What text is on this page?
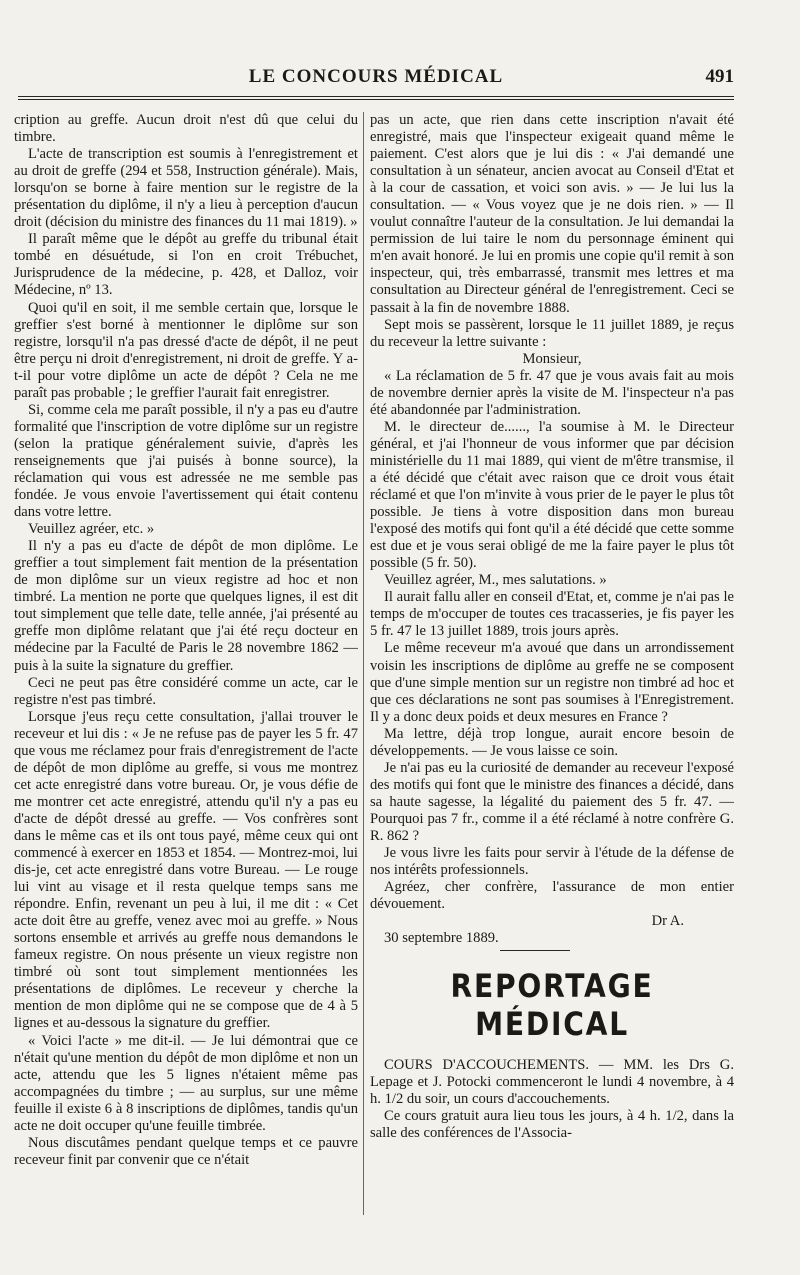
LE CONCOURS MÉDICAL	491

cription au greffe. Aucun droit n'est dû que celui du timbre.

L'acte de transcription est soumis à l'enregistrement et au droit de greffe (294 et 558, Instruction générale). Mais, lorsqu'on se borne à faire mention sur le registre de la présentation du diplôme, il n'y a lieu à perception d'aucun droit (décision du ministre des finances du 11 mai 1819). »

Il paraît même que le dépôt au greffe du tribunal était tombé en désuétude, si l'on en croit Trébuchet, Jurisprudence de la médecine, p. 428, et Dalloz, voir Médecine, nº 13.

Quoi qu'il en soit, il me semble certain que, lorsque le greffier s'est borné à mentionner le diplôme sur son registre, lorsqu'il n'a pas dressé d'acte de dépôt, il ne peut être perçu ni droit d'enregistrement, ni droit de greffe. Y a-t-il pour votre diplôme un acte de dépôt ? Cela ne me paraît pas probable ; le greffier l'aurait fait enregistrer.

Si, comme cela me paraît possible, il n'y a pas eu d'autre formalité que l'inscription de votre diplôme sur un registre (selon la pratique généralement suivie, d'après les renseignements que j'ai puisés à bonne source), la réclamation qui vous est adressée ne me semble pas fondée. Je vous envoie l'avertissement qui était contenu dans votre lettre.

Veuillez agréer, etc. »

Il n'y a pas eu d'acte de dépôt de mon diplôme. Le greffier a tout simplement fait mention de la présentation de mon diplôme sur un vieux registre ad hoc et non timbré. La mention ne porte que quelques lignes, il est dit tout simplement que telle date, telle année, j'ai présenté au greffe mon diplôme relatant que j'ai été reçu docteur en médecine par la Faculté de Paris le 28 novembre 1862 — puis à la suite la signature du greffier.

Ceci ne peut pas être considéré comme un acte, car le registre n'est pas timbré.

Lorsque j'eus reçu cette consultation, j'allai trouver le receveur et lui dis : « Je ne refuse pas de payer les 5 fr. 47 que vous me réclamez pour frais d'enregistrement de l'acte de dépôt de mon diplôme au greffe, si vous me montrez cet acte enregistré dans votre bureau. Or, je vous défie de me montrer cet acte enregistré, attendu qu'il n'y a pas eu d'acte de dépôt dressé au greffe. — Vos confrères sont dans le même cas et ils ont tous payé, même ceux qui ont commencé à exercer en 1853 et 1854. — Montrez-moi, lui dis-je, cet acte enregistré dans votre Bureau. — Le rouge lui vint au visage et il resta quelque temps sans me répondre. Enfin, revenant un peu à lui, il me dit : « Cet acte doit être au greffe, venez avec moi au greffe. » Nous sortons ensemble et arrivés au greffe nous demandons le fameux registre. On nous présente un vieux registre non timbré où sont tout simplement mentionnées les présentations de diplômes. Le receveur y cherche la mention de mon diplôme qui ne se compose que de 4 à 5 lignes et au-dessous la signature du greffier.

« Voici l'acte » me dit-il. — Je lui démontrai que ce n'était qu'une mention du dépôt de mon diplôme et non un acte, attendu que les 5 lignes n'étaient même pas accompagnées du timbre ; — au surplus, sur une même feuille il existe 6 à 8 inscriptions de diplômes, tandis qu'un acte ne doit occuper qu'une feuille timbrée.

Nous discutâmes pendant quelque temps et ce pauvre receveur finit par convenir que ce n'était

pas un acte, que rien dans cette inscription n'avait été enregistré, mais que l'inspecteur exigeait quand même le paiement. C'est alors que je lui dis : « J'ai demandé une consultation à un sénateur, ancien avocat au Conseil d'Etat et à la cour de cassation, et voici son avis. » — Je lui lus la consultation. — « Vous voyez que je ne dois rien. » — Il voulut connaître l'auteur de la consultation. Je lui demandai la permission de lui taire le nom du personnage éminent qui m'en avait honoré. Je lui en promis une copie qu'il remit à son inspecteur, qui, très embarrassé, transmit mes lettres et ma consultation au Directeur général de l'enregistrement. Ceci se passait à la fin de novembre 1888.

Sept mois se passèrent, lorsque le 11 juillet 1889, je reçus du receveur la lettre suivante :

Monsieur,

« La réclamation de 5 fr. 47 que je vous avais fait au mois de novembre dernier après la visite de M. l'inspecteur n'a pas été abandonnée par l'administration.

M. le directeur de......, l'a soumise à M. le Directeur général, et j'ai l'honneur de vous informer que par décision ministérielle du 11 mai 1889, qui vient de m'être transmise, il a été décidé que c'était avec raison que ce droit vous était réclamé et que l'on m'invite à vous prier de le payer le plus tôt possible. Je tiens à votre disposition dans mon bureau l'exposé des motifs qui font qu'il a été décidé que cette somme est due et je vous serai obligé de me la faire payer le plus tôt possible (5 fr. 50).

Veuillez agréer, M., mes salutations. »

Il aurait fallu aller en conseil d'Etat, et, comme je n'ai pas le temps de m'occuper de toutes ces tracasseries, je fis payer les 5 fr. 47 le 13 juillet 1889, trois jours après.

Le même receveur m'a avoué que dans un arrondissement voisin les inscriptions de diplôme au greffe ne se composent que d'une simple mention sur un registre non timbré ad hoc et que ces déclarations ne sont pas soumises à l'Enregistrement. Il y a donc deux poids et deux mesures en France ?

Ma lettre, déjà trop longue, aurait encore besoin de développements. — Je vous laisse ce soin.

Je n'ai pas eu la curiosité de demander au receveur l'exposé des motifs qui font que le ministre des finances a décidé, dans sa haute sagesse, la légalité du paiement des 5 fr. 47. — Pourquoi pas 7 fr., comme il a été réclamé à notre confrère G. R. 862 ?

Je vous livre les faits pour servir à l'étude de la défense de nos intérêts professionnels.

Agréez, cher confrère, l'assurance de mon entier dévouement.

Dr A.

30 septembre 1889.

REPORTAGE MÉDICAL

COURS D'ACCOUCHEMENTS. — MM. les Drs G. Lepage et J. Potocki commenceront le lundi 4 novembre, à 4 h. 1/2 du soir, un cours d'accouchements.

Ce cours gratuit aura lieu tous les jours, à 4 h. 1/2, dans la salle des conférences de l'Associa-
